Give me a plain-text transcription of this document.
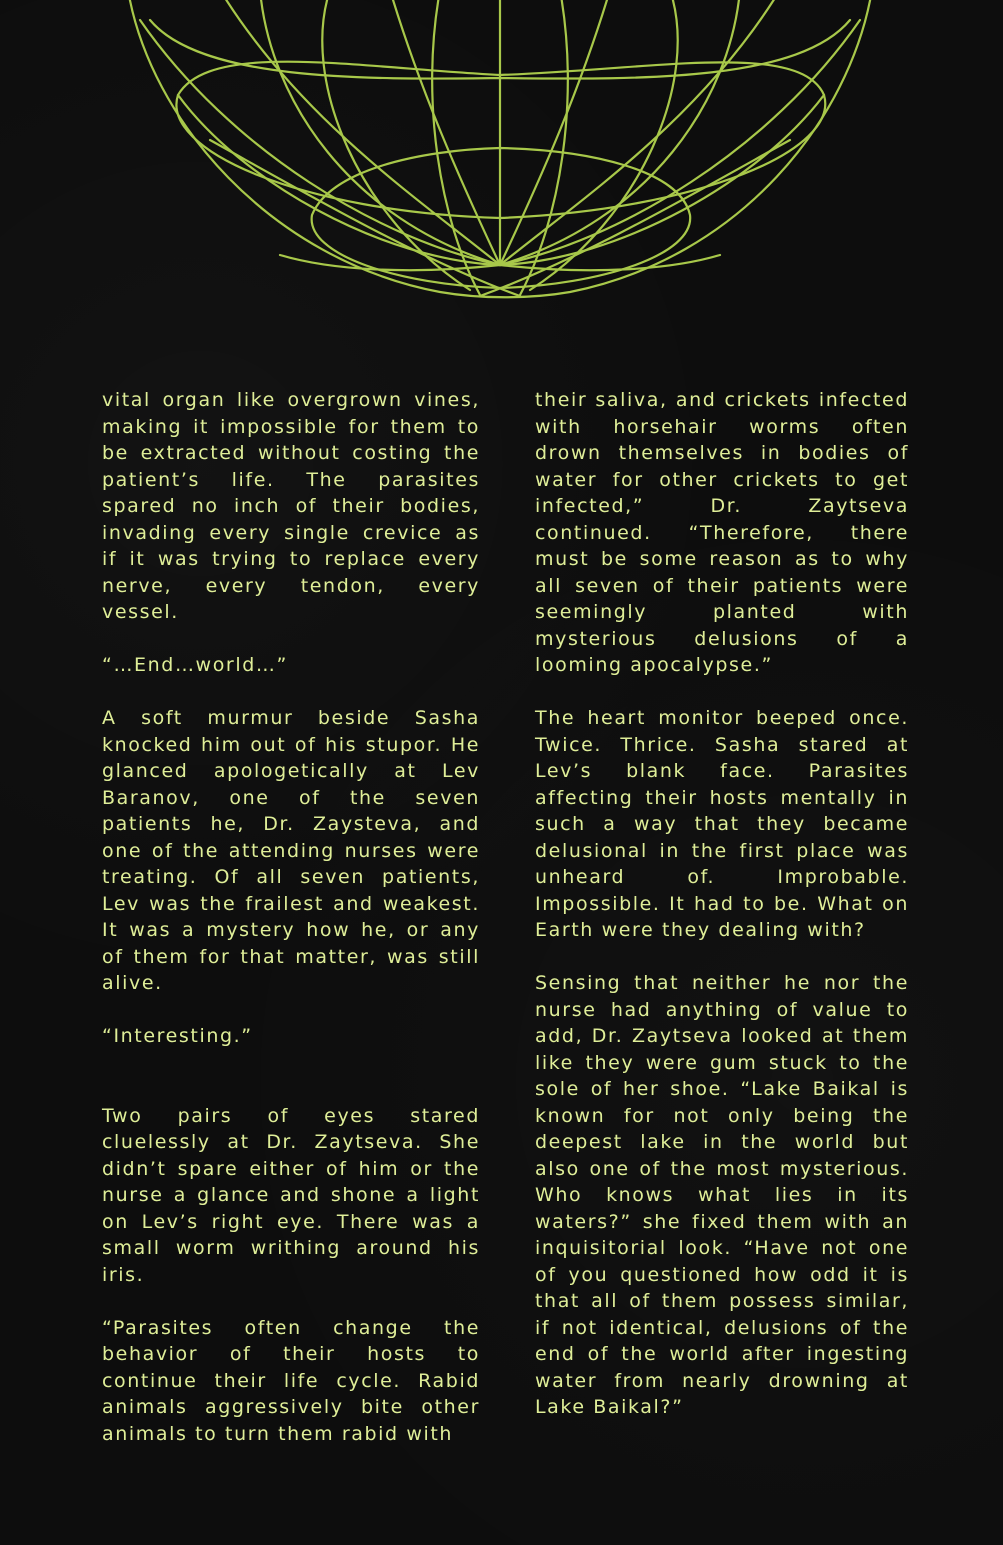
vital organ like overgrown vines, making it impossible for them to be extracted without costing the patient’s life. The parasites spared no inch of their bodies, invading every single crevice as if it was trying to replace every nerve, every tendon, every vessel.

“…End…world…”

A soft murmur beside Sasha knocked him out of his stupor. He glanced apologetically at Lev Baranov, one of the seven patients he, Dr. Zaysteva, and one of the attending nurses were treating. Of all seven patients, Lev was the frailest and weakest. It was a mystery how he, or any of them for that matter, was still alive.

“Interesting.”

Two pairs of eyes stared cluelessly at Dr. Zaytseva. She didn’t spare either of him or the nurse a glance and shone a light on Lev’s right eye. There was a small worm writhing around his iris.

“Parasites often change the behavior of their hosts to continue their life cycle. Rabid animals aggressively bite other animals to turn them rabid with

their saliva, and crickets infected with horsehair worms often drown themselves in bodies of water for other crickets to get infected,” Dr. Zaytseva continued. “Therefore, there must be some reason as to why all seven of their patients were seemingly planted with mysterious delusions of a looming apocalypse.”

The heart monitor beeped once. Twice. Thrice. Sasha stared at Lev’s blank face. Parasites affecting their hosts mentally in such a way that they became delusional in the first place was unheard of. Improbable. Impossible. It had to be. What on Earth were they dealing with?

Sensing that neither he nor the nurse had anything of value to add, Dr. Zaytseva looked at them like they were gum stuck to the sole of her shoe. “Lake Baikal is known for not only being the deepest lake in the world but also one of the most mysterious. Who knows what lies in its waters?” she fixed them with an inquisitorial look. “Have not one of you questioned how odd it is that all of them possess similar, if not identical, delusions of the end of the world after ingesting water from nearly drowning at Lake Baikal?”
